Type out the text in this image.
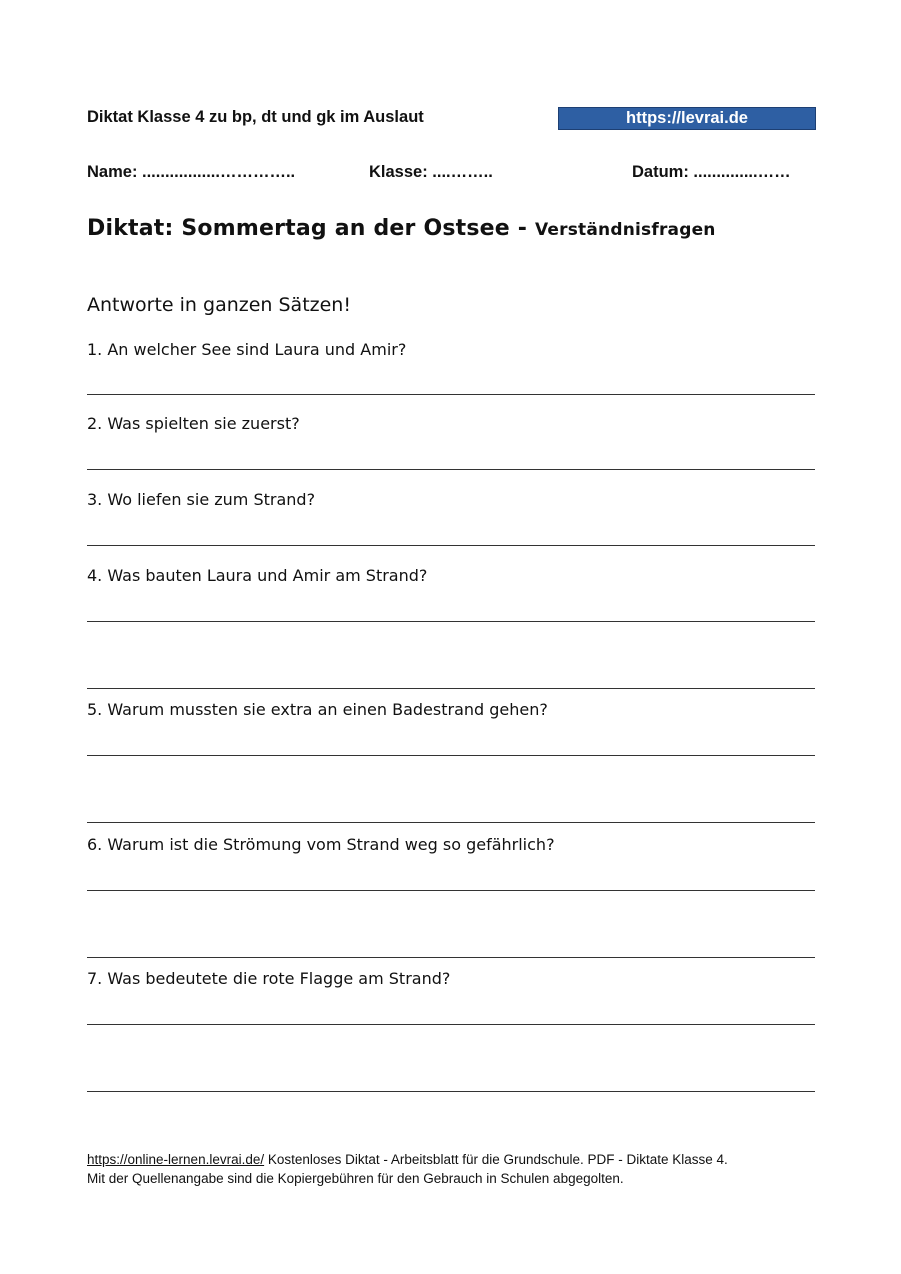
Diktat Klasse 4 zu bp, dt und gk im Auslaut	https://levrai.de
Name: .................…………..	Klasse: ....……..	Datum: ..............……
Diktat: Sommertag an der Ostsee - Verständnisfragen
Antworte in ganzen Sätzen!
1. An welcher See sind Laura und Amir?
2. Was spielten sie zuerst?
3. Wo liefen sie zum Strand?
4. Was bauten Laura und Amir am Strand?
5. Warum mussten sie extra an einen Badestrand gehen?
6. Warum ist die Strömung vom Strand weg so gefährlich?
7. Was bedeutete die rote Flagge am Strand?
https://online-lernen.levrai.de/ Kostenloses Diktat - Arbeitsblatt für die Grundschule. PDF - Diktate Klasse 4.
Mit der Quellenangabe sind die Kopiergebühren für den Gebrauch in Schulen abgegolten.
